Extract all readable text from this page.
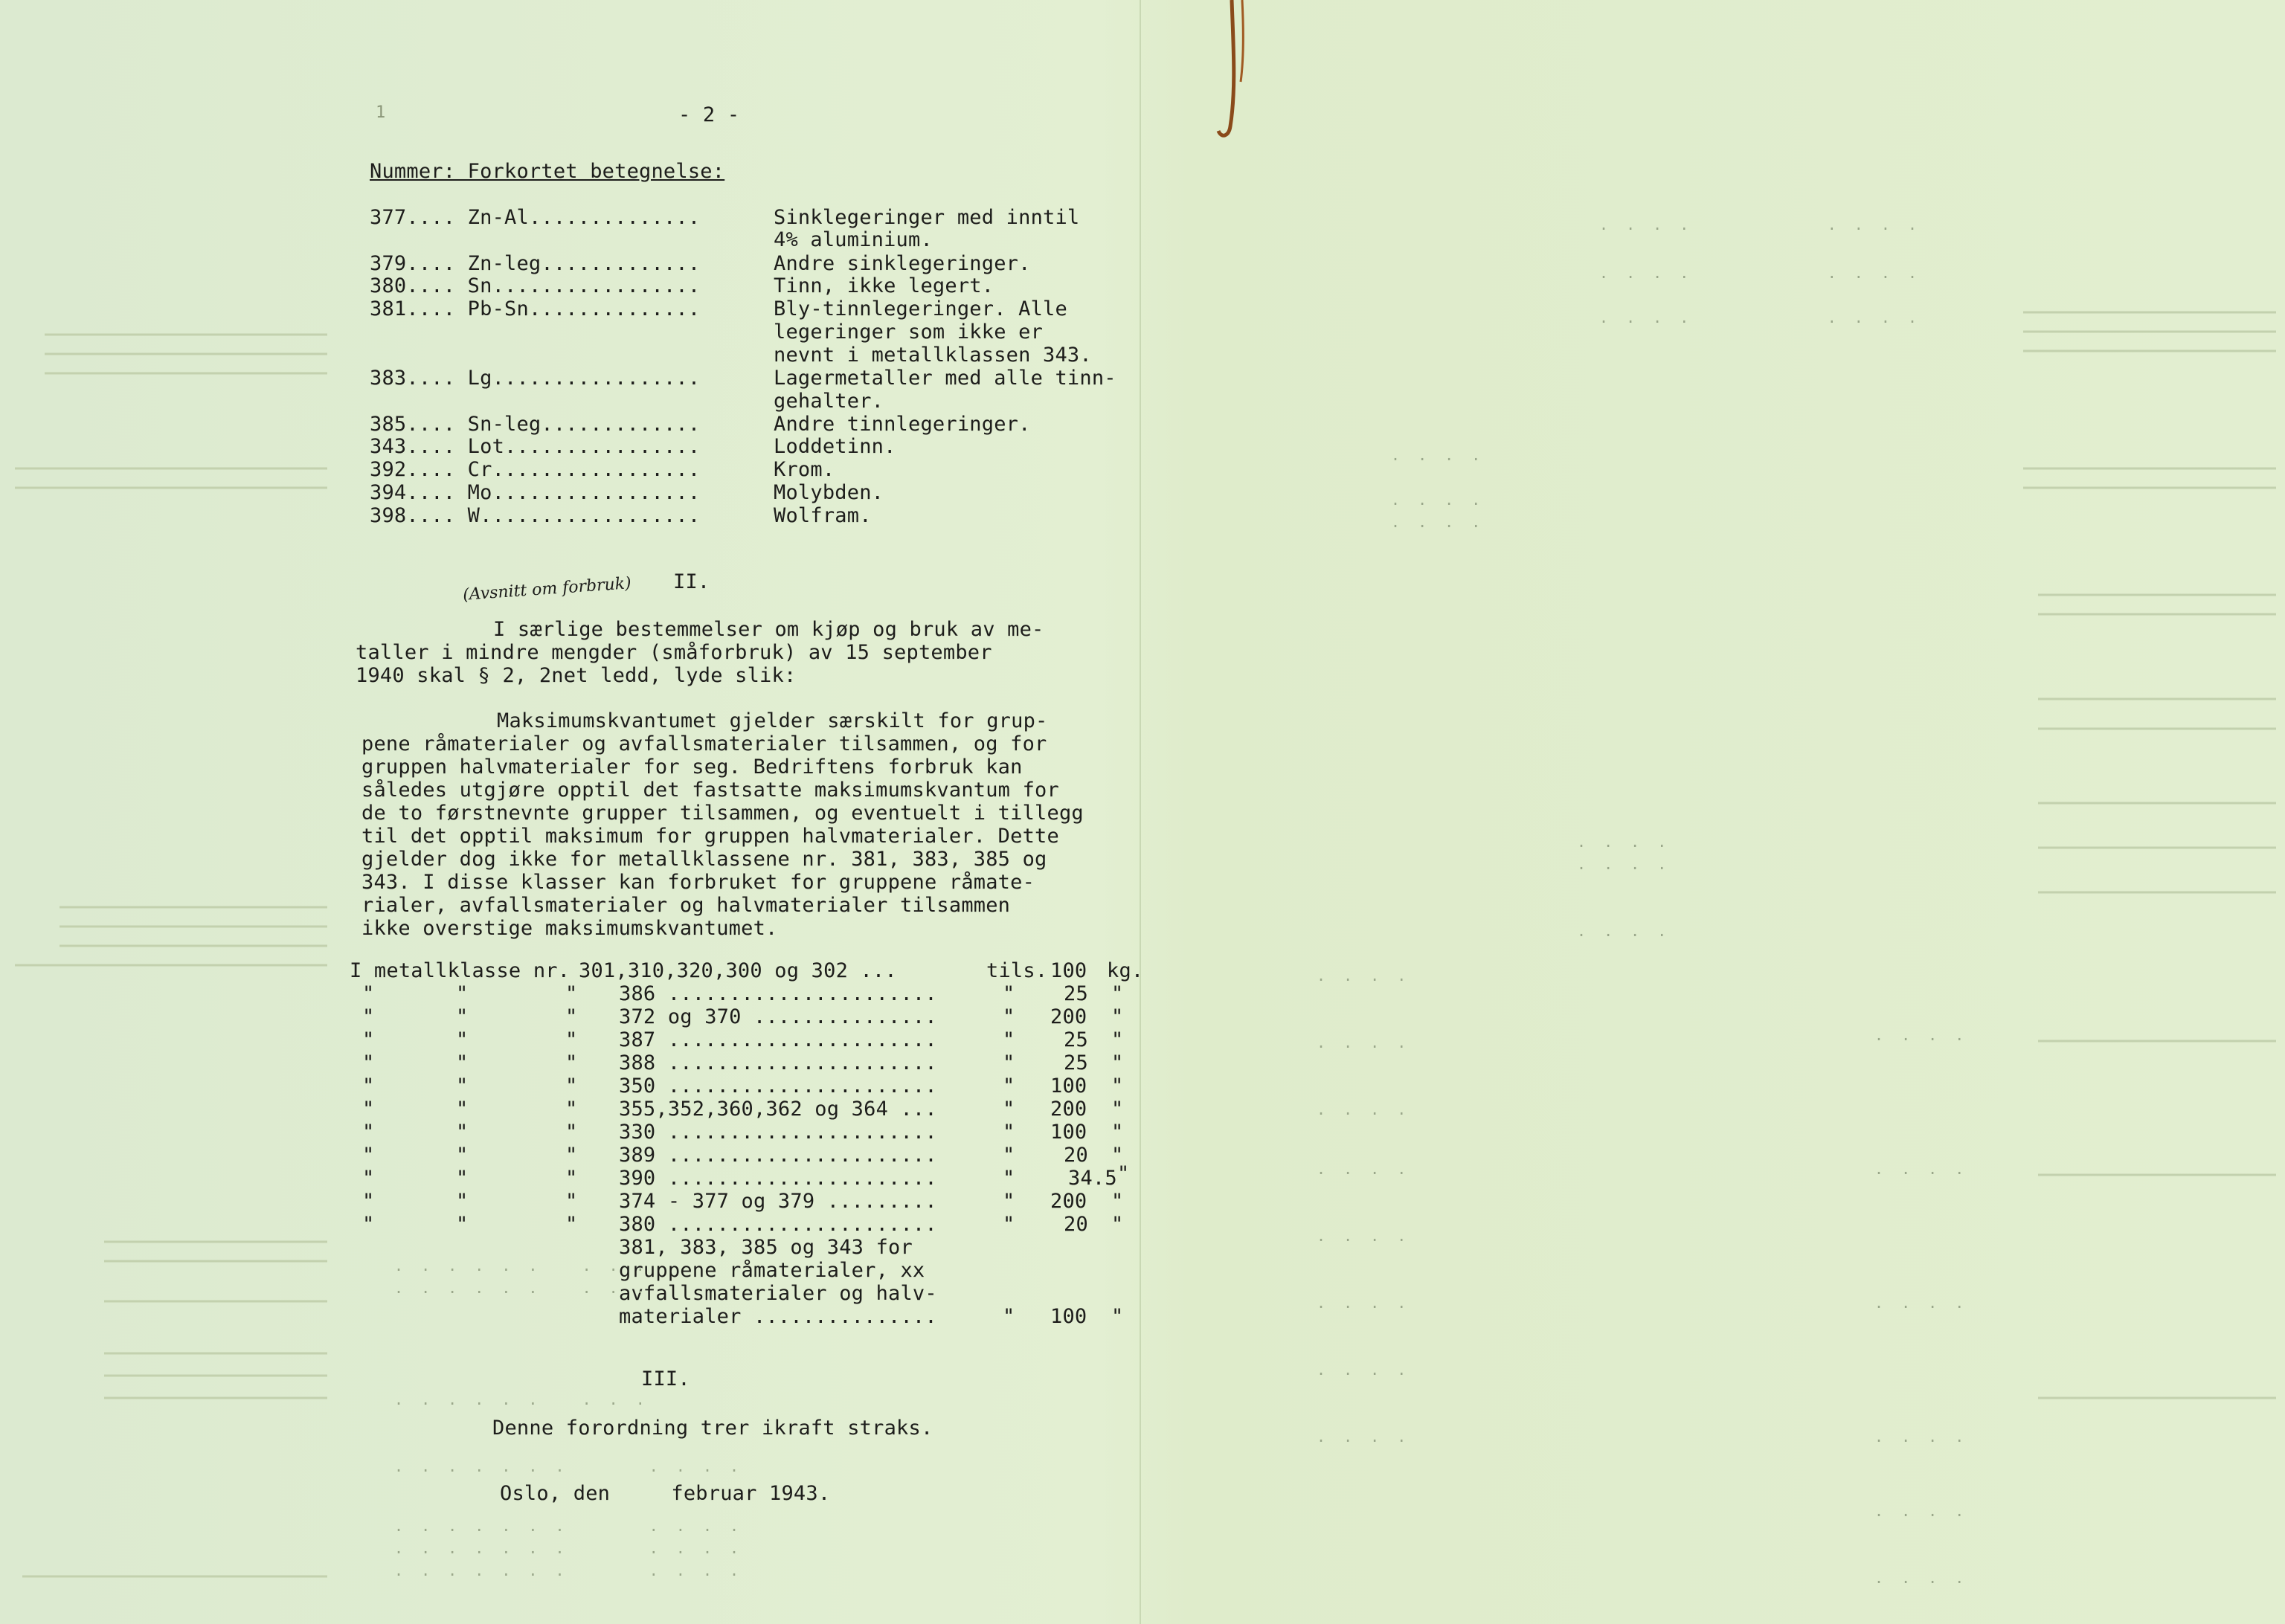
1	- 2 -
Nummer: Forkortet betegnelse:
377.... Zn-Al..............	Sinklegeringer med inntil
4% aluminium.
379.... Zn-leg.............	Andre sinklegeringer.
380.... Sn.................	Tinn, ikke legert.
381.... Pb-Sn..............	Bly-tinnlegeringer. Alle
legeringer som ikke er
nevnt i metallklassen 343.
383.... Lg.................	Lagermetaller med alle tinn-
gehalter.
385.... Sn-leg.............	Andre tinnlegeringer.
343.... Lot................	Loddetinn.
392.... Cr.................	Krom.
394.... Mo.................	Molybden.
398.... W..................	Wolfram.
(Avsnitt om forbruk) II.
I særlige bestemmelser om kjøp og bruk av me-
taller i mindre mengder (småforbruk) av 15 september
1940 skal § 2, 2net ledd, lyde slik:
Maksimumskvantumet gjelder særskilt for grup-
pene råmaterialer og avfallsmaterialer tilsammen, og for
gruppen halvmaterialer for seg. Bedriftens forbruk kan
således utgjøre opptil det fastsatte maksimumskvantum for
de to førstnevnte grupper tilsammen, og eventuelt i tillegg
til det opptil maksimum for gruppen halvmaterialer. Dette
gjelder dog ikke for metallklassene nr. 381, 383, 385 og
343. I disse klasser kan forbruket for gruppene råmate-
rialer, avfallsmaterialer og halvmaterialer tilsammen
ikke overstige maksimumskvantumet.
I metallklasse nr. 301,310,320,300 og 302 ...	tils. 100 kg.
"	"	" 386 ......................	" 25 "
"	"	" 372 og 370 ...............	" 200 "
"	"	" 387 ......................	" 25 "
"	"	" 388 ......................	" 25 "
"	"	" 350 ......................	" 100 "
"	"	" 355,352,360,362 og 364 ...	" 200 "
"	"	" 330 ......................	" 100 "
"	"	" 389 ......................	" 20 "
"	"	" 390 ......................	"	34.5 "
"	"	" 374 - 377 og 379 .........	" 200 "
"	"	" 380 ......................	" 20 "
381, 383, 385 og 343 for
gruppene råmaterialer, xx
avfallsmaterialer og halv-
materialer ...............	" 100 "
III.
Denne forordning trer ikraft straks.
Oslo, den     februar 1943.
. . . .          . . . .
. . . .          . . . .
. . . .          . . . .
. . . .
. . . .
. . . .
. . . .
. . . .
. . . .
. . . .
. . . .
. . . .
. . . .
. . . .
. . . .
. . . .
. . . .
. . . .
. . . .
. . . .
. . . .
. . . .
. . . .
. . . . . .   . . .
. . . . . .   . . .
. . . . . .   . . .
. . . . . . .      . . . .
. . . . . . .      . . . .
. . . . . . .      . . . .
. . . . . . .      . . . .
